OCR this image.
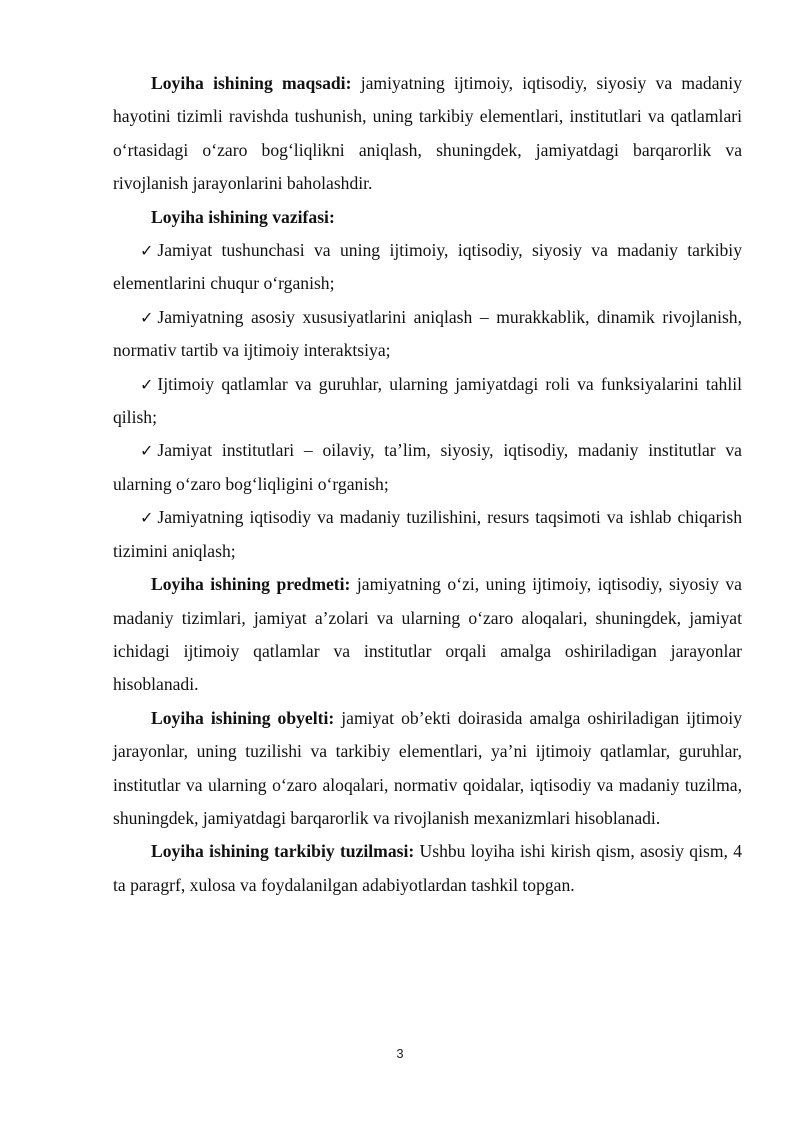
Loyiha ishining maqsadi: jamiyatning ijtimoiy, iqtisodiy, siyosiy va madaniy hayotini tizimli ravishda tushunish, uning tarkibiy elementlari, institutlari va qatlamlari o‘rtasidagi o‘zaro bog‘liqlikni aniqlash, shuningdek, jamiyatdagi barqarorlik va rivojlanish jarayonlarini baholashdir.

Loyiha ishining vazifasi:

✓ Jamiyat tushunchasi va uning ijtimoiy, iqtisodiy, siyosiy va madaniy tarkibiy elementlarini chuqur o‘rganish;

✓ Jamiyatning asosiy xususiyatlarini aniqlash – murakkablik, dinamik rivojlanish, normativ tartib va ijtimoiy interaktsiya;

✓ Ijtimoiy qatlamlar va guruhlar, ularning jamiyatdagi roli va funksiyalarini tahlil qilish;

✓ Jamiyat institutlari – oilaviy, ta’lim, siyosiy, iqtisodiy, madaniy institutlar va ularning o‘zaro bog‘liqligini o‘rganish;

✓ Jamiyatning iqtisodiy va madaniy tuzilishini, resurs taqsimoti va ishlab chiqarish tizimini aniqlash;

Loyiha ishining predmeti: jamiyatning o‘zi, uning ijtimoiy, iqtisodiy, siyosiy va madaniy tizimlari, jamiyat a’zolari va ularning o‘zaro aloqalari, shuningdek, jamiyat ichidagi ijtimoiy qatlamlar va institutlar orqali amalga oshiriladigan jarayonlar hisoblanadi.

Loyiha ishining obyelti: jamiyat ob’ekti doirasida amalga oshiriladigan ijtimoiy jarayonlar, uning tuzilishi va tarkibiy elementlari, ya’ni ijtimoiy qatlamlar, guruhlar, institutlar va ularning o‘zaro aloqalari, normativ qoidalar, iqtisodiy va madaniy tuzilma, shuningdek, jamiyatdagi barqarorlik va rivojlanish mexanizmlari hisoblanadi.

Loyiha ishining tarkibiy tuzilmasi: Ushbu loyiha ishi kirish qism, asosiy qism, 4 ta paragrf, xulosa va foydalanilgan adabiyotlardan tashkil topgan.

3
